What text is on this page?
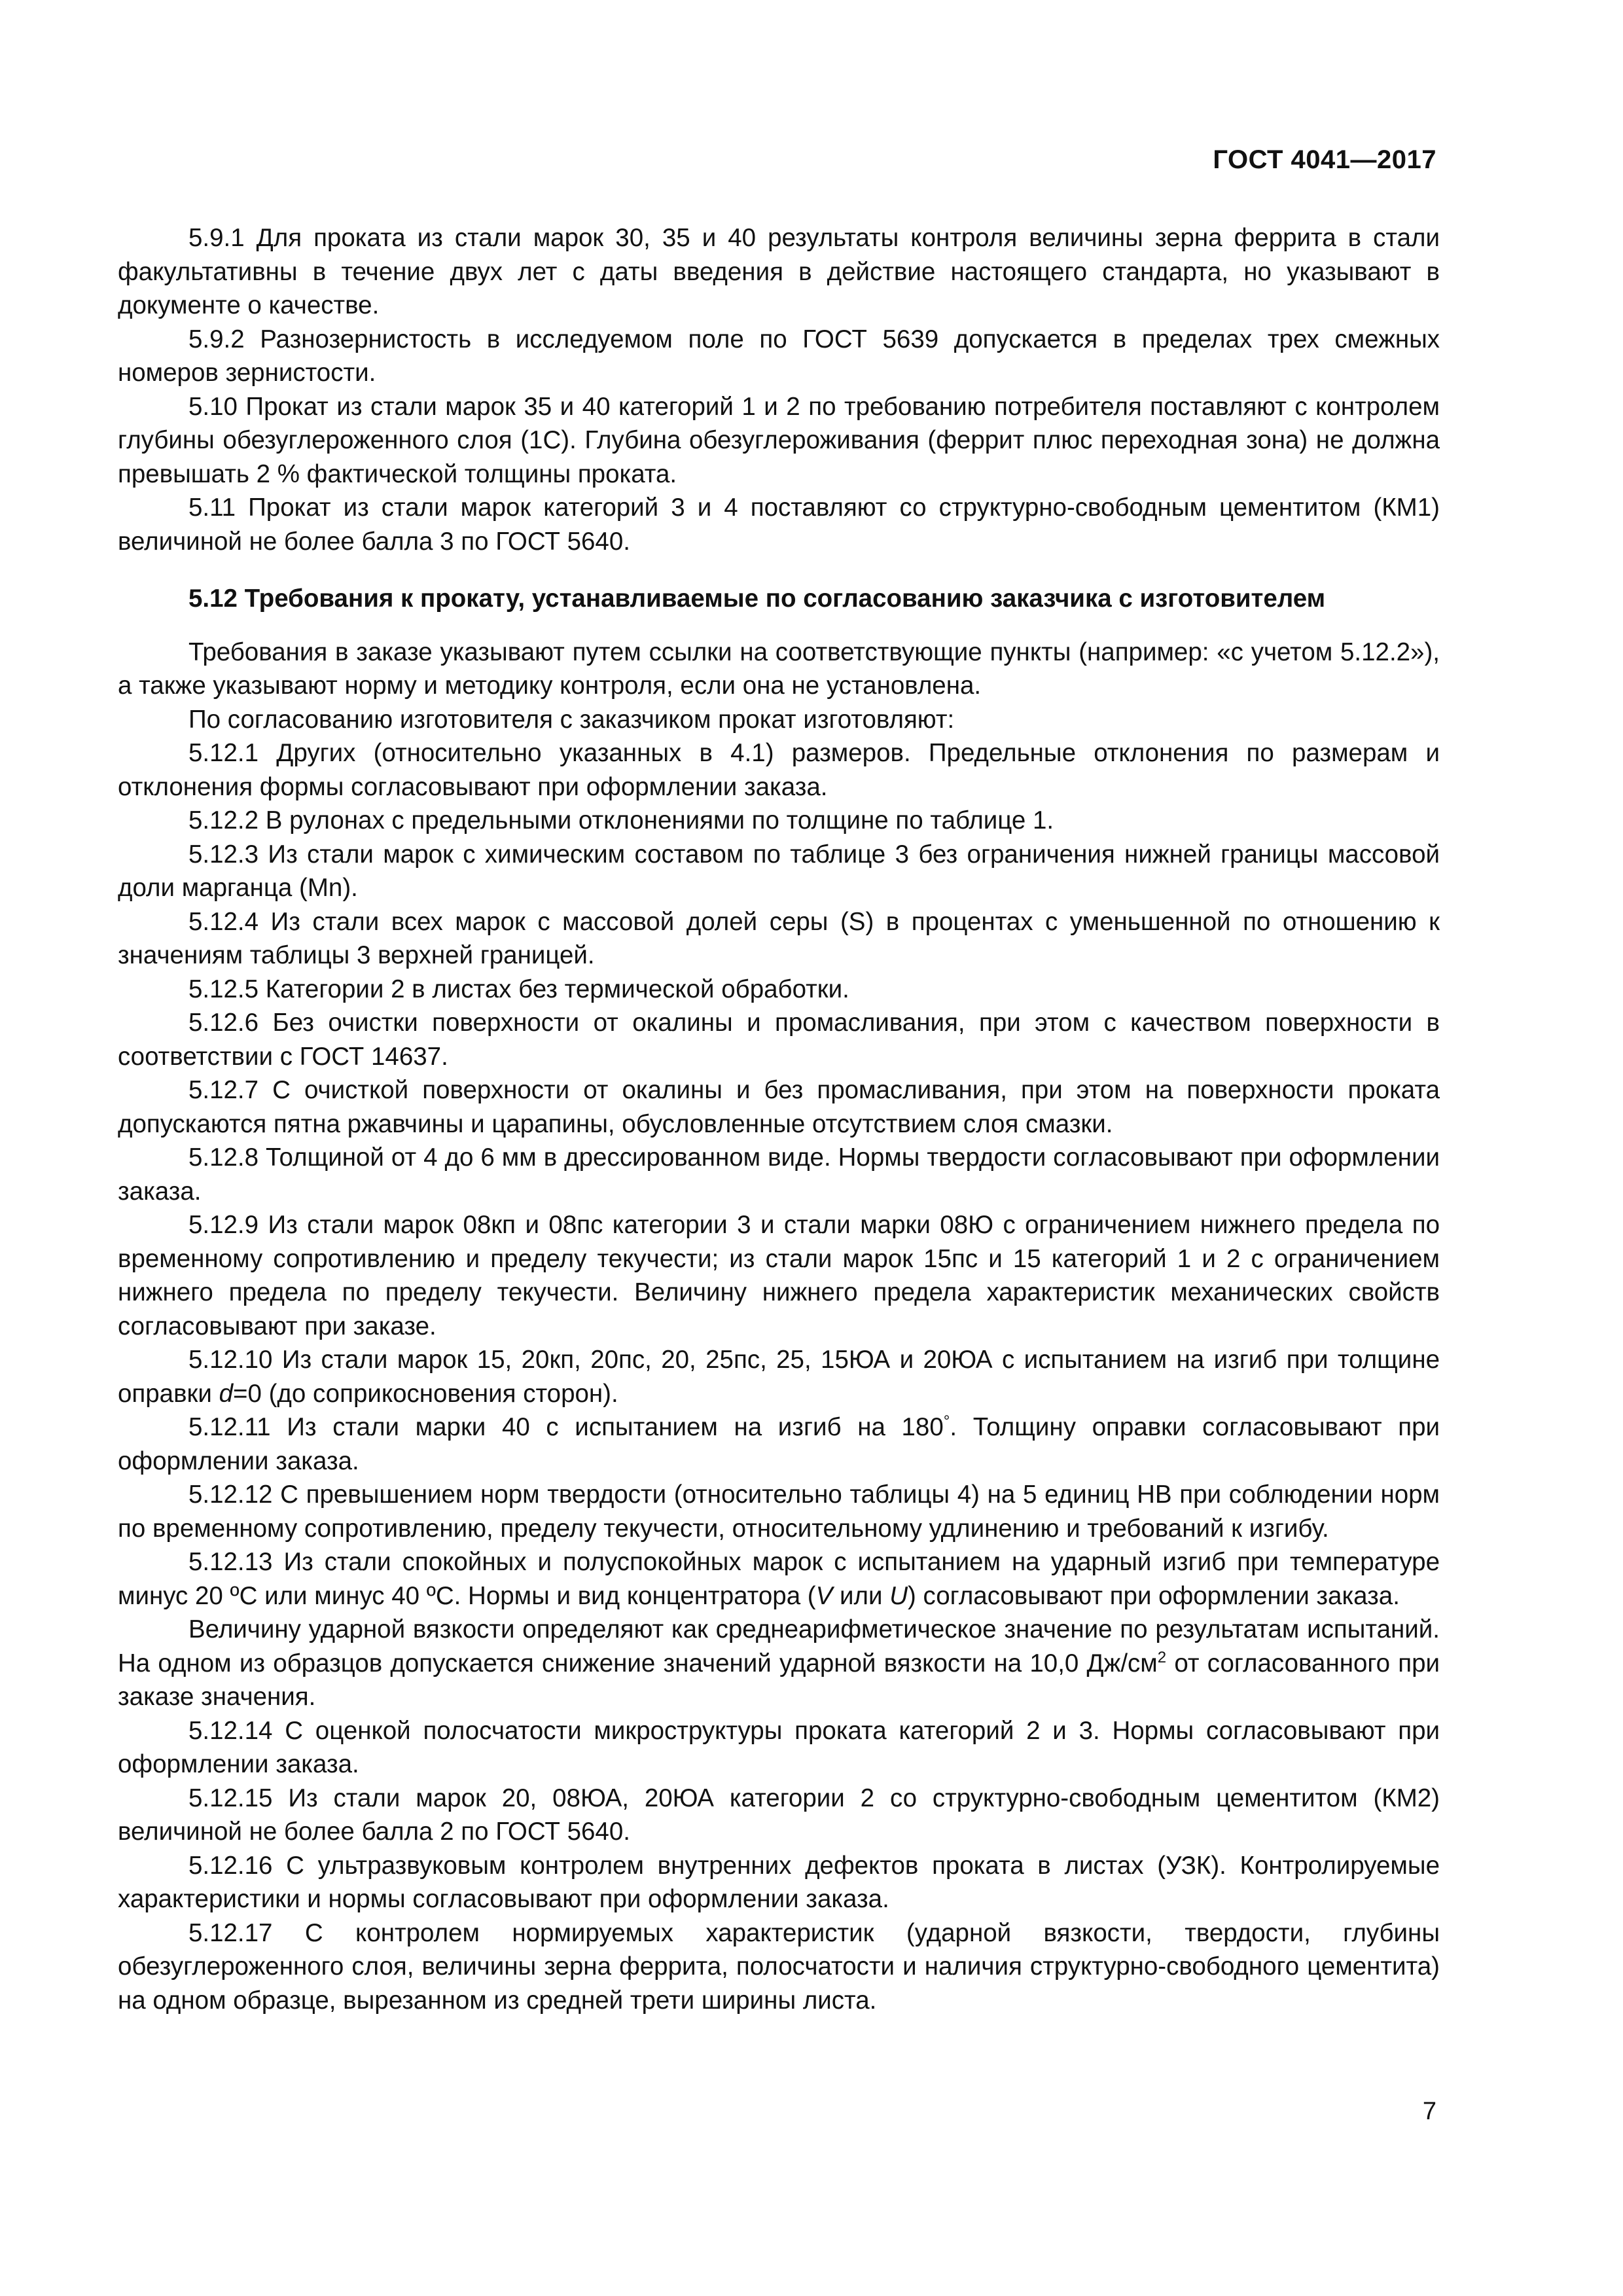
ГОСТ 4041—2017

5.9.1 Для проката из стали марок 30, 35 и 40 результаты контроля величины зерна феррита в стали факультативны в течение двух лет с даты введения в действие настоящего стандарта, но указывают в документе о качестве.

5.9.2 Разнозернистость в исследуемом поле по ГОСТ 5639 допускается в пределах трех смежных номеров зернистости.

5.10 Прокат из стали марок 35 и 40 категорий 1 и 2 по требованию потребителя поставляют с контролем глубины обезуглероженного слоя (1С). Глубина обезуглероживания (феррит плюс переходная зона) не должна превышать 2 % фактической толщины проката.

5.11 Прокат из стали марок категорий 3 и 4 поставляют со структурно-свободным цементитом (КМ1) величиной не более балла 3 по ГОСТ 5640.

5.12 Требования к прокату, устанавливаемые по согласованию заказчика с изготовителем

Требования в заказе указывают путем ссылки на соответствующие пункты (например: «с учетом 5.12.2»), а также указывают норму и методику контроля, если она не установлена.

По согласованию изготовителя с заказчиком прокат изготовляют:

5.12.1 Других (относительно указанных в 4.1) размеров. Предельные отклонения по размерам и отклонения формы согласовывают при оформлении заказа.

5.12.2 В рулонах с предельными отклонениями по толщине по таблице 1.

5.12.3 Из стали марок с химическим составом по таблице 3 без ограничения нижней границы массовой доли марганца (Mn).

5.12.4 Из стали всех марок с массовой долей серы (S) в процентах с уменьшенной по отношению к значениям таблицы 3 верхней границей.

5.12.5 Категории 2 в листах без термической обработки.

5.12.6 Без очистки поверхности от окалины и промасливания, при этом с качеством поверхности в соответствии с ГОСТ 14637.

5.12.7 С очисткой поверхности от окалины и без промасливания, при этом на поверхности проката допускаются пятна ржавчины и царапины, обусловленные отсутствием слоя смазки.

5.12.8 Толщиной от 4 до 6 мм в дрессированном виде. Нормы твердости согласовывают при оформлении заказа.

5.12.9 Из стали марок 08кп и 08пс категории 3 и стали марки 08Ю с ограничением нижнего предела по временному сопротивлению и пределу текучести; из стали марок 15пс и 15 категорий 1 и 2 с ограничением нижнего предела по пределу текучести. Величину нижнего предела характеристик механических свойств согласовывают при заказе.

5.12.10 Из стали марок 15, 20кп, 20пс, 20, 25пс, 25, 15ЮА и 20ЮА с испытанием на изгиб при толщине оправки d=0 (до соприкосновения сторон).

5.12.11 Из стали марки 40 с испытанием на изгиб на 180°. Толщину оправки согласовывают при оформлении заказа.

5.12.12 С превышением норм твердости (относительно таблицы 4) на 5 единиц НВ при соблюдении норм по временному сопротивлению, пределу текучести, относительному удлинению и требований к изгибу.

5.12.13 Из стали спокойных и полуспокойных марок с испытанием на ударный изгиб при температуре минус 20 ºС или минус 40 ºС. Нормы и вид концентратора (V или U) согласовывают при оформлении заказа.

Величину ударной вязкости определяют как среднеарифметическое значение по результатам испытаний. На одном из образцов допускается снижение значений ударной вязкости на 10,0 $Дж/см^2$ от согласованного при заказе значения.

5.12.14 С оценкой полосчатости микроструктуры проката категорий 2 и 3. Нормы согласовывают при оформлении заказа.

5.12.15 Из стали марок 20, 08ЮА, 20ЮА категории 2 со структурно-свободным цементитом (КМ2) величиной не более балла 2 по ГОСТ 5640.

5.12.16 С ультразвуковым контролем внутренних дефектов проката в листах (УЗК). Контролируемые характеристики и нормы согласовывают при оформлении заказа.

5.12.17 С контролем нормируемых характеристик (ударной вязкости, твердости, глубины обезуглероженного слоя, величины зерна феррита, полосчатости и наличия структурно-свободного цементита) на одном образце, вырезанном из средней трети ширины листа.

7
